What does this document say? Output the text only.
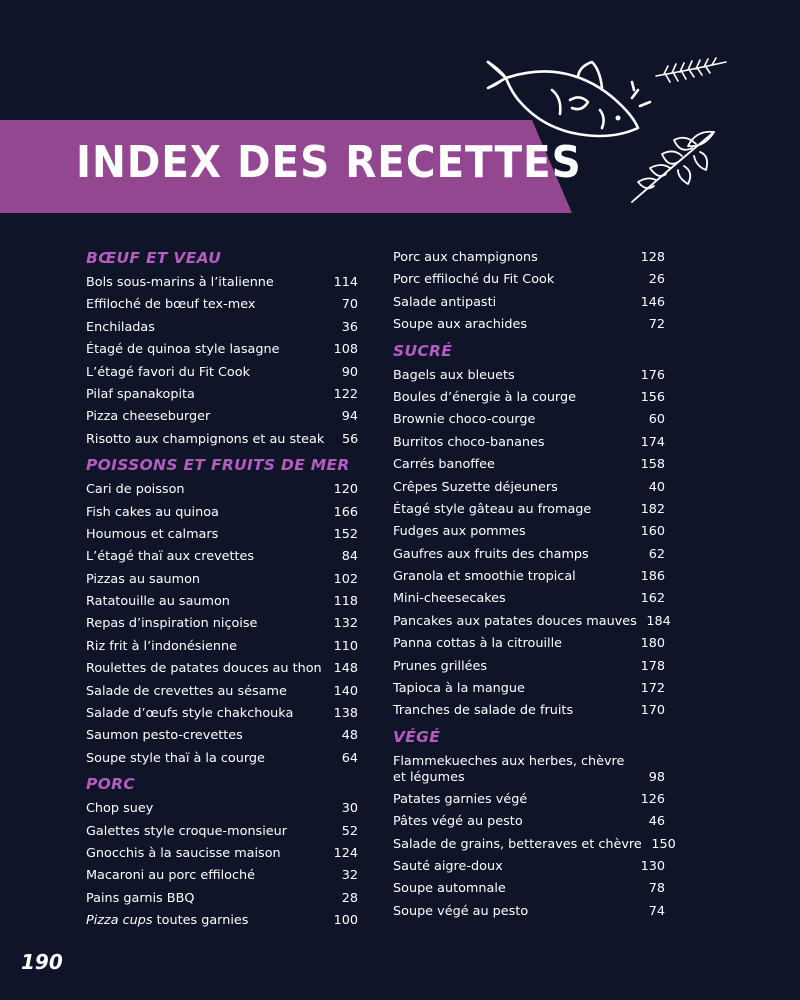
INDEX DES RECETTES
BŒUF ET VEAU
Bols sous-marins à l’italienne	114
Effiloché de bœuf tex-mex	70
Enchiladas	36
Étagé de quinoa style lasagne	108
L’étagé favori du Fit Cook	90
Pilaf spanakopita	122
Pizza cheeseburger	94
Risotto aux champignons et au steak	56
POISSONS ET FRUITS DE MER
Cari de poisson	120
Fish cakes au quinoa	166
Houmous et calmars	152
L’étagé thaï aux crevettes	84
Pizzas au saumon	102
Ratatouille au saumon	118
Repas d’inspiration niçoise	132
Riz frit à l’indonésienne	110
Roulettes de patates douces au thon 148
Salade de crevettes au sésame	140
Salade d’œufs style chakchouka	138
Saumon pesto-crevettes	48
Soupe style thaï à la courge	64
PORC
Chop suey	30
Galettes style croque-monsieur	52
Gnocchis à la saucisse maison	124
Macaroni au porc effiloché	32
Pains garnis BBQ	28
Pizza cups toutes garnies	100
Porc aux champignons	128
Porc effiloché du Fit Cook	26
Salade antipasti	146
Soupe aux arachides	72
SUCRÉ
Bagels aux bleuets	176
Boules d’énergie à la courge	156
Brownie choco-courge	60
Burritos choco-bananes	174
Carrés banoffee	158
Crêpes Suzette déjeuners	40
Étagé style gâteau au fromage	182
Fudges aux pommes	160
Gaufres aux fruits des champs	62
Granola et smoothie tropical	186
Mini-cheesecakes	162
Pancakes aux patates douces mauves 184
Panna cottas à la citrouille	180
Prunes grillées	178
Tapioca à la mangue	172
Tranches de salade de fruits	170
VÉGÉ
Flammekueches aux herbes, chèvre et légumes	98
Patates garnies végé	126
Pâtes végé au pesto	46
Salade de grains, betteraves et chèvre 150
Sauté aigre-doux	130
Soupe automnale	78
Soupe végé au pesto	74
190
